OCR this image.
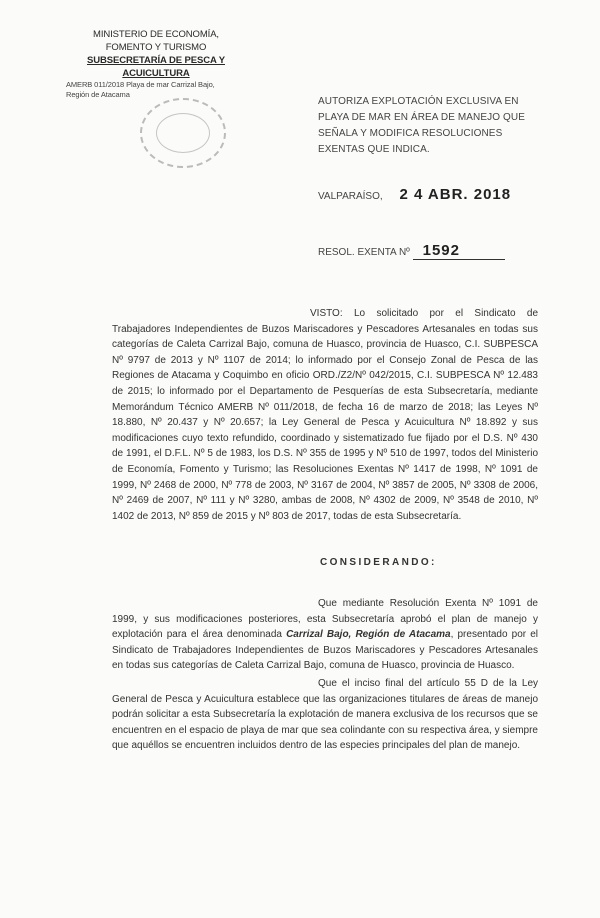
MINISTERIO DE ECONOMÍA,
FOMENTO Y TURISMO
SUBSECRETARÍA DE PESCA Y ACUICULTURA
AMERB 011/2018 Playa de mar Carrizal Bajo,
Región de Atacama
AUTORIZA EXPLOTACIÓN EXCLUSIVA EN PLAYA DE MAR EN ÁREA DE MANEJO QUE SEÑALA Y MODIFICA RESOLUCIONES EXENTAS QUE INDICA.
VALPARAÍSO, 2 4 ABR. 2018
RESOL. EXENTA Nº 1592
VISTO: Lo solicitado por el Sindicato de Trabajadores Independientes de Buzos Mariscadores y Pescadores Artesanales en todas sus categorías de Caleta Carrizal Bajo, comuna de Huasco, provincia de Huasco, C.I. SUBPESCA Nº 9797 de 2013 y Nº 1107 de 2014; lo informado por el Consejo Zonal de Pesca de las Regiones de Atacama y Coquimbo en oficio ORD./Z2/Nº 042/2015, C.I. SUBPESCA Nº 12.483 de 2015; lo informado por el Departamento de Pesquerías de esta Subsecretaría, mediante Memorándum Técnico AMERB Nº 011/2018, de fecha 16 de marzo de 2018; las Leyes Nº 18.880, Nº 20.437 y Nº 20.657; la Ley General de Pesca y Acuicultura Nº 18.892 y sus modificaciones cuyo texto refundido, coordinado y sistematizado fue fijado por el D.S. Nº 430 de 1991, el D.F.L. Nº 5 de 1983, los D.S. Nº 355 de 1995 y Nº 510 de 1997, todos del Ministerio de Economía, Fomento y Turismo; las Resoluciones Exentas Nº 1417 de 1998, Nº 1091 de 1999, Nº 2468 de 2000, Nº 778 de 2003, Nº 3167 de 2004, Nº 3857 de 2005, Nº 3308 de 2006, Nº 2469 de 2007, Nº 111 y Nº 3280, ambas de 2008, Nº 4302 de 2009, Nº 3548 de 2010, Nº 1402 de 2013, Nº 859 de 2015 y Nº 803 de 2017, todas de esta Subsecretaría.
CONSIDERANDO:
Que mediante Resolución Exenta Nº 1091 de 1999, y sus modificaciones posteriores, esta Subsecretaría aprobó el plan de manejo y explotación para el área denominada Carrizal Bajo, Región de Atacama, presentado por el Sindicato de Trabajadores Independientes de Buzos Mariscadores y Pescadores Artesanales en todas sus categorías de Caleta Carrizal Bajo, comuna de Huasco, provincia de Huasco.
Que el inciso final del artículo 55 D de la Ley General de Pesca y Acuicultura establece que las organizaciones titulares de áreas de manejo podrán solicitar a esta Subsecretaría la explotación de manera exclusiva de los recursos que se encuentren en el espacio de playa de mar que sea colindante con su respectiva área, y siempre que aquéllos se encuentren incluidos dentro de las especies principales del plan de manejo.
